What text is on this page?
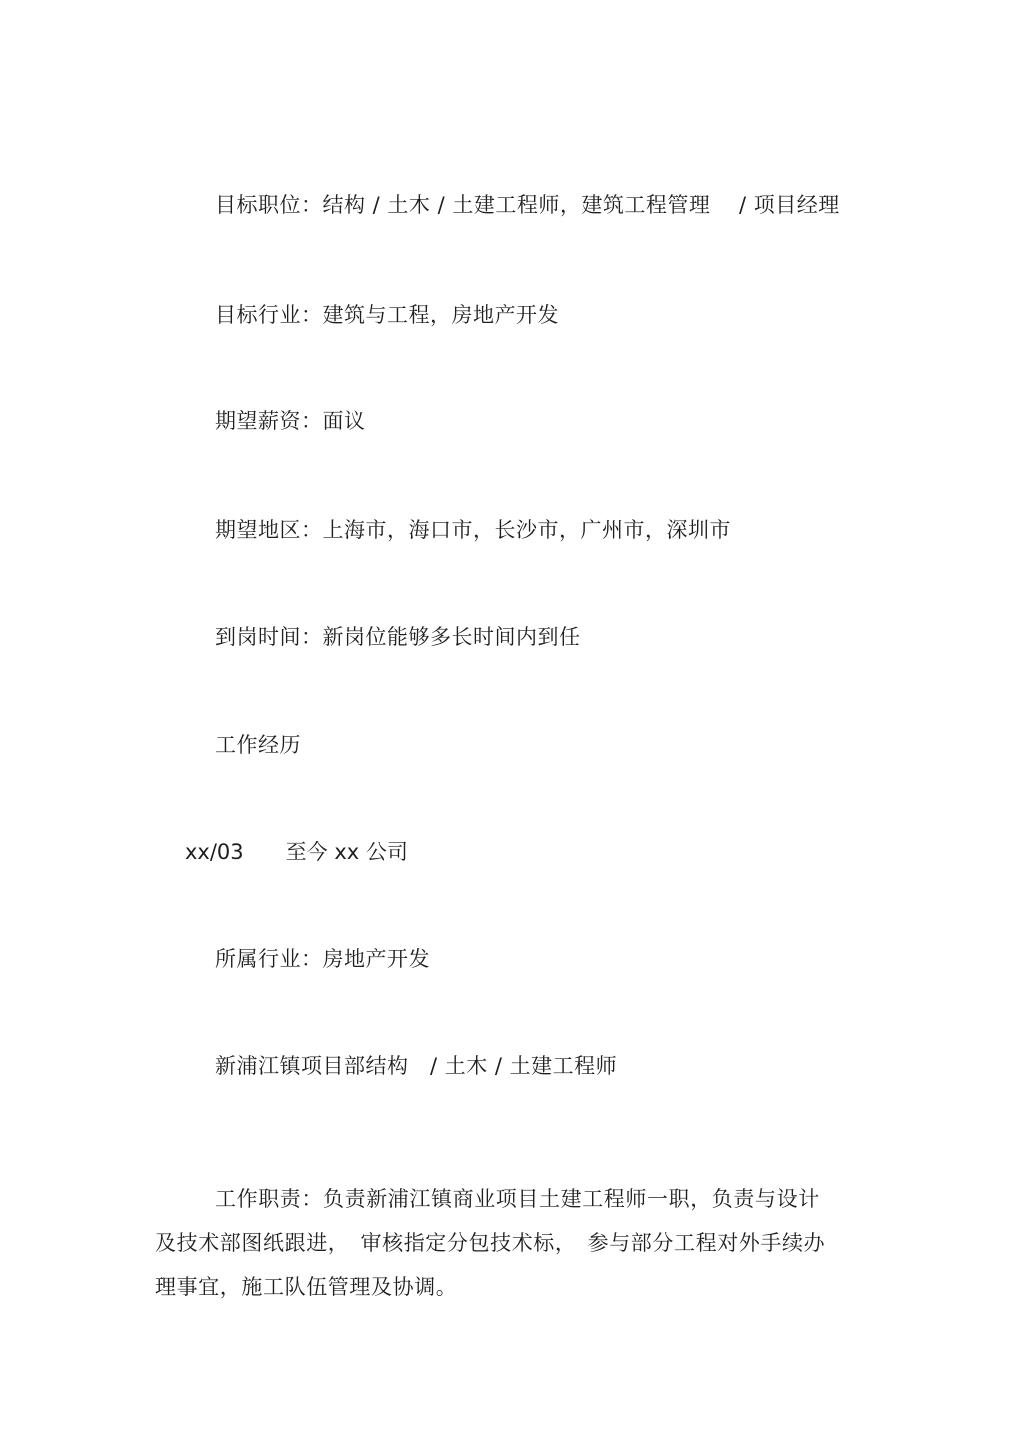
目标职位：结构 / 土木 / 土建工程师，建筑工程管理　 / 项目经理
目标行业：建筑与工程，房地产开发
期望薪资：面议
期望地区：上海市，海口市，长沙市，广州市，深圳市
到岗时间：新岗位能够多长时间内到任
工作经历
xx/03 至今 xx 公司
所属行业：房地产开发
新浦江镇项目部结构　/ 土木 / 土建工程师
工作职责：负责新浦江镇商业项目土建工程师一职，负责与设计
及技术部图纸跟进，　审核指定分包技术标，　参与部分工程对外手续办
理事宜，施工队伍管理及协调。
